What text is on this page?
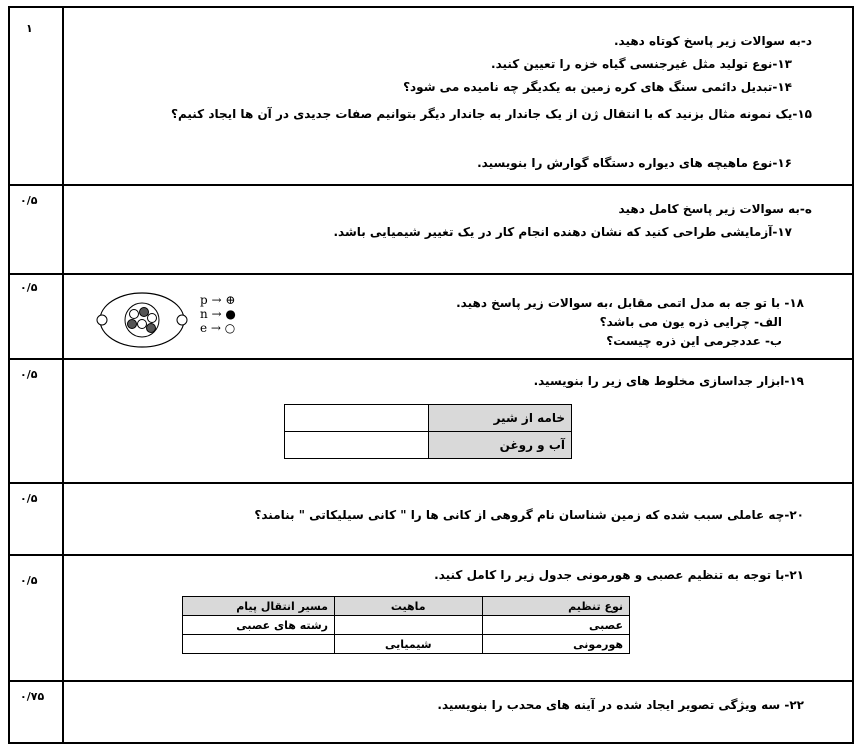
۱
د-به سوالات زیر پاسخ کوتاه دهید.
۱۳-نوع تولید مثل غیرجنسی گیاه خزه را تعیین کنید.
۱۴-تبدیل دائمی سنگ های کره زمین به یکدیگر چه نامیده می شود؟
۱۵-یک نمونه مثال بزنید که با انتقال ژن از یک جاندار به جاندار دیگر بتوانیم صفات جدیدی در آن ها ایجاد کنیم؟
۱۶-نوع ماهیچه های دیواره دستگاه گوارش را بنویسید.
۰/۵
ه-به سوالات زیر پاسخ کامل دهید
۱۷-آزمایشی طراحی کنید که نشان دهنده انجام کار در یک تغییر شیمیایی باشد.
۰/۵
۱۸- با تو جه به مدل اتمی مقابل ،به سوالات زیر پاسخ دهید.
الف- چرایی ذره یون می باشد؟
ب- عددجرمی این ذره چیست؟
p → ⊕
n → ●
e → ○
۰/۵	۱۹-ابزار جداسازی مخلوط های زیر را بنویسید.
خامه از شیر	
آب و روغن	
۰/۵
۲۰-چه عاملی سبب شده که زمین شناسان نام گروهی از کانی ها را " کانی سیلیکاتی " بنامند؟
۰/۵	۲۱-با توجه به تنظیم عصبی و هورمونی جدول زیر را کامل کنید.
نوع تنظیم	ماهیت	مسیر انتقال پیام
عصبی		رشته های عصبی
هورمونی	شیمیایی	
۰/۷۵
۲۲- سه ویژگی تصویر ایجاد شده در آینه های محدب را بنویسید.
